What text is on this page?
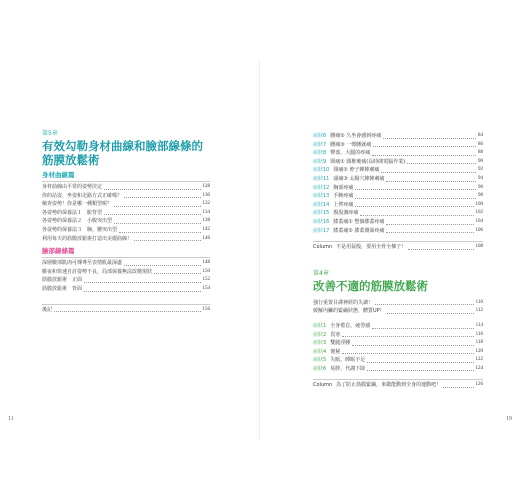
第5章
有效勾勒身材曲線和臉部線條的
筋膜放鬆術
身材曲線篇
身材曲線由平常的姿勢決定	128
你的站姿、坐姿和走路方式正確嗎？	130
檢查姿勢！你是哪一種類型呢？	132
各姿勢的保養法１　駝背型	134
各姿勢的保養法２　小腹突出型	138
各姿勢的保養法３　胸、腰突出型	142
利用每天的筋膜放鬆術打造出美麗曲線！	146
臉部線條篇
深層臉部肌肉可傳導至表情肌最深處	148
臉夜和快速自討姿勢不良，局部保養無法改變現狀	150
筋膜放鬆術　正面	152
筋膜放鬆術　背面	154
後記	156
症狀6 腰痛② 久坐會感到疼痛	84
症狀7 腰痛③ 一彎腰就痛	86
症狀8 臀部、大腿的疼痛	88
症狀9 頸痛① 頸椎痠痛(長時間電腦作業)	90
症狀10 頸痛② 脖子陣陣刺痛	92
症狀11 頭痛③ 太陽穴陣陣刺痛	94
症狀12 胸部疼痛	96
症狀13 手腕疼痛	98
症狀14 上臂疼痛	100
症狀15 腹股溝疼痛	102
症狀16 膝蓋痛① 整個膝蓋疼痛	104
症狀17 膝蓋痛② 膝蓋側面疼痛	106
Column 不是用鼠般，要用全骨全棟子！	108
第4章
改善不適的筋膜放鬆術
強行重置目譯神經的失調！	110
緩解內臟的緊繃狀態，體質UP！	112
症狀1 全身倦怠，疲勞感	114
症狀2 畏寒	116
症狀3 雙腿浮腫	118
症狀4 便秘	120
症狀5 失眠，睡眠不足	122
症狀6 易胖、代謝下降	124
Column 為了防止筋膜緊繃，來做能動到全身的運動吧！	126
11	19
